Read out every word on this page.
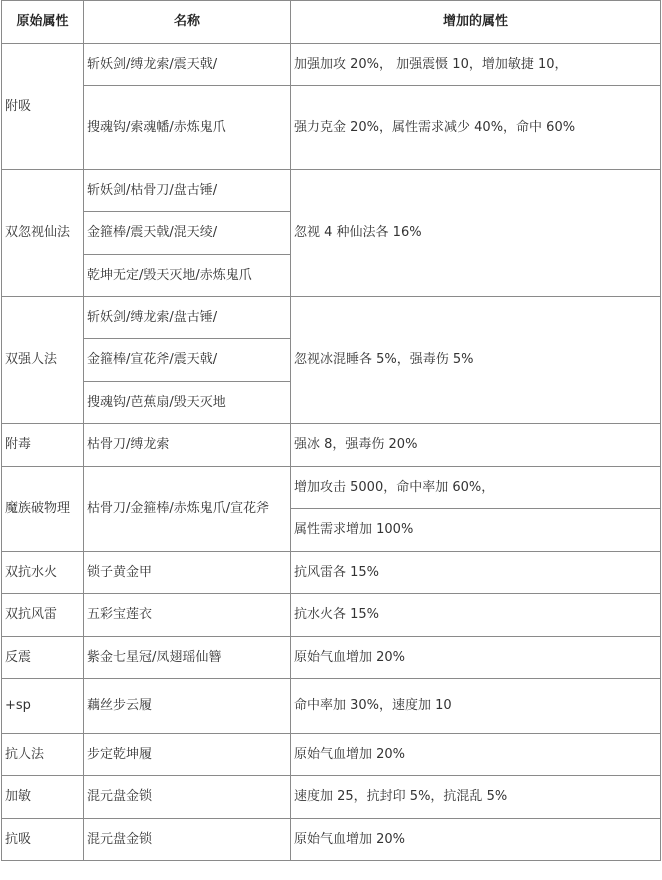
原始属性	名称	增加的属性
附吸	斩妖剑/缚龙索/震天戟/	加强加攻 20%， 加强震慑 10，增加敏捷 10，
	搜魂钩/索魂幡/赤炼鬼爪	强力克金 20%，属性需求减少 40%，命中 60%
双忽视仙法	斩妖剑/枯骨刀/盘古锤/	忽视 4 种仙法各 16%
	金箍棒/震天戟/混天绫/	
	乾坤无定/毁天灭地/赤炼鬼爪	
双强人法	斩妖剑/缚龙索/盘古锤/	忽视冰混睡各 5%，强毒伤 5%
	金箍棒/宣花斧/震天戟/	
	搜魂钩/芭蕉扇/毁天灭地	
附毒	枯骨刀/缚龙索	强冰 8，强毒伤 20%
魔族破物理	枯骨刀/金箍棒/赤炼鬼爪/宣花斧	增加攻击 5000，命中率加 60%，
		属性需求增加 100%
双抗水火	锁子黄金甲	抗风雷各 15%
双抗风雷	五彩宝莲衣	抗水火各 15%
反震	紫金七星冠/凤翅瑶仙簪	原始气血增加 20%
+sp	藕丝步云履	命中率加 30%，速度加 10
抗人法	步定乾坤履	原始气血增加 20%
加敏	混元盘金锁	速度加 25，抗封印 5%，抗混乱 5%
抗吸	混元盘金锁	原始气血增加 20%
